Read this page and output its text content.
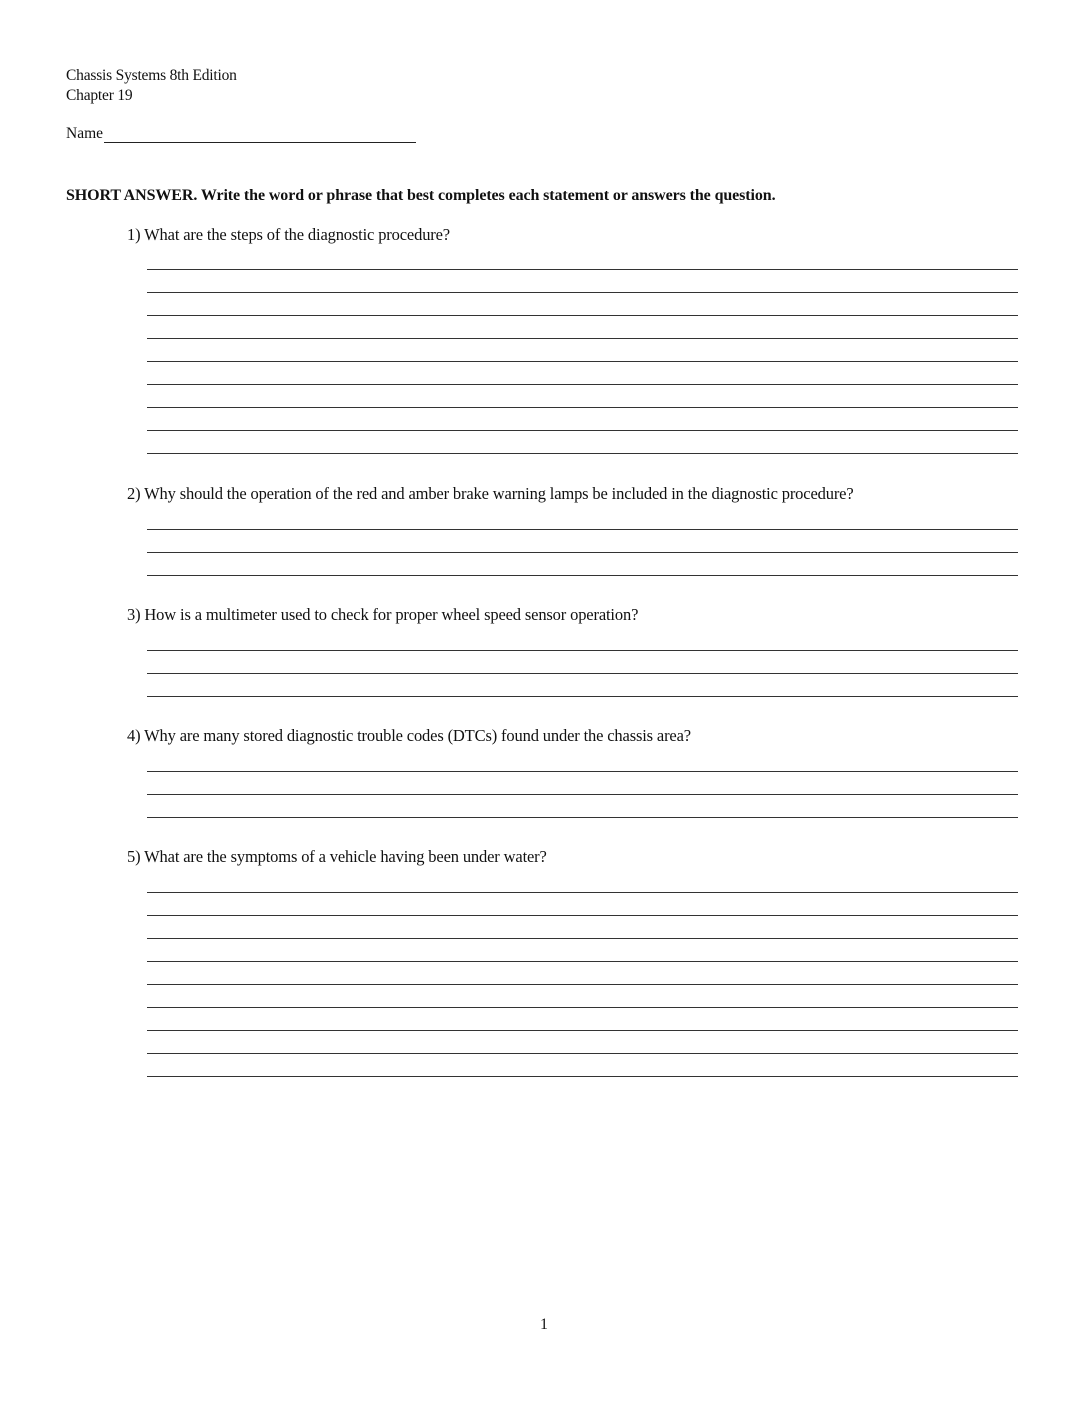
Chassis Systems 8th Edition
Chapter 19
Name
SHORT ANSWER. Write the word or phrase that best completes each statement or answers the question.
1) What are the steps of the diagnostic procedure?
2) Why should the operation of the red and amber brake warning lamps be included in the diagnostic procedure?
3) How is a multimeter used to check for proper wheel speed sensor operation?
4) Why are many stored diagnostic trouble codes (DTCs) found under the chassis area?
5) What are the symptoms of a vehicle having been under water?
1
